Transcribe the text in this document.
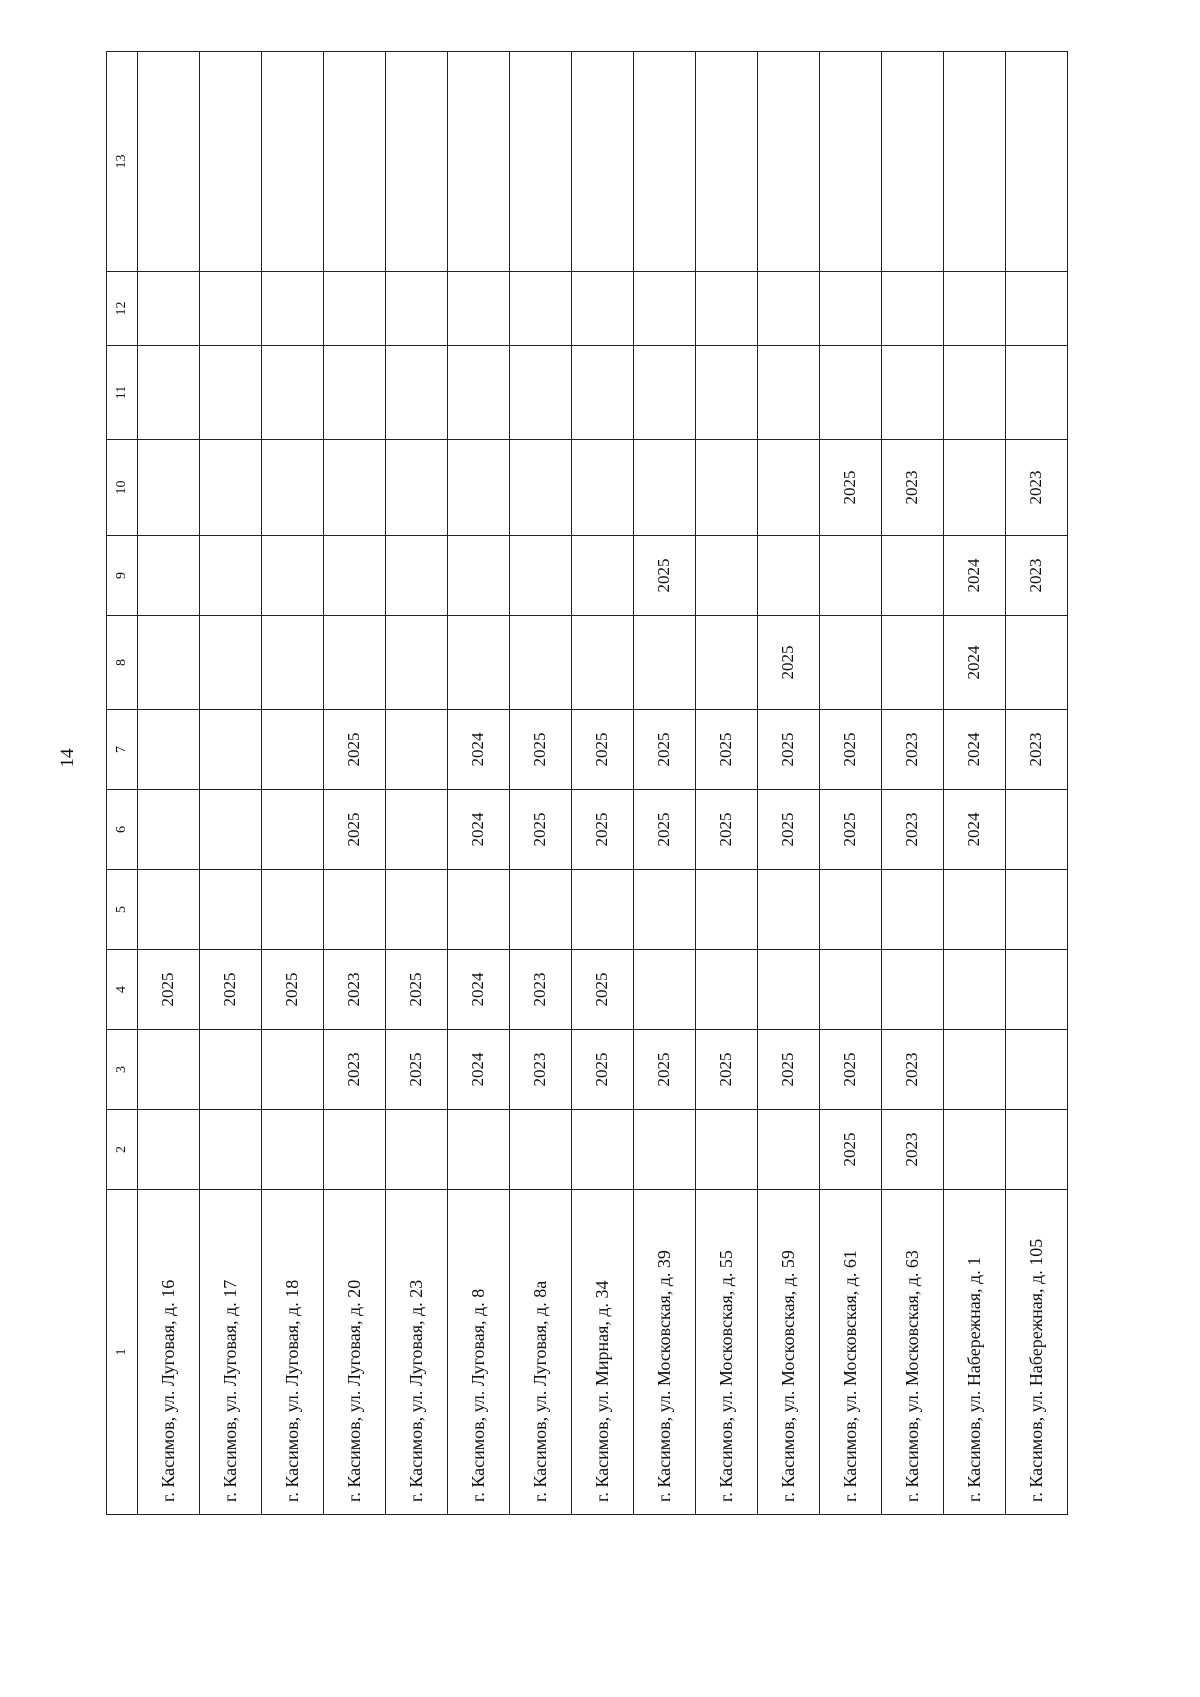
14
1	2	3	4	5	6	7	8	9	10	11	12	13
г. Касимов, ул. Луговая, д. 16			2025									
г. Касимов, ул. Луговая, д. 17			2025									
г. Касимов, ул. Луговая, д. 18			2025									
г. Касимов, ул. Луговая, д. 20		2023	2023		2025	2025						
г. Касимов, ул. Луговая, д. 23		2025	2025									
г. Касимов, ул. Луговая, д. 8		2024	2024		2024	2024						
г. Касимов, ул. Луговая, д. 8а		2023	2023		2025	2025						
г. Касимов, ул. Мирная, д. 34		2025	2025		2025	2025						
г. Касимов, ул. Московская, д. 39		2025			2025	2025		2025				
г. Касимов, ул. Московская, д. 55		2025			2025	2025						
г. Касимов, ул. Московская, д. 59		2025			2025	2025	2025					
г. Касимов, ул. Московская, д. 61	2025	2025			2025	2025			2025			
г. Касимов, ул. Московская, д. 63	2023	2023			2023	2023			2023			
г. Касимов, ул. Набережная, д. 1					2024	2024	2024	2024				
г. Касимов, ул. Набережная, д. 105						2023		2023	2023			
